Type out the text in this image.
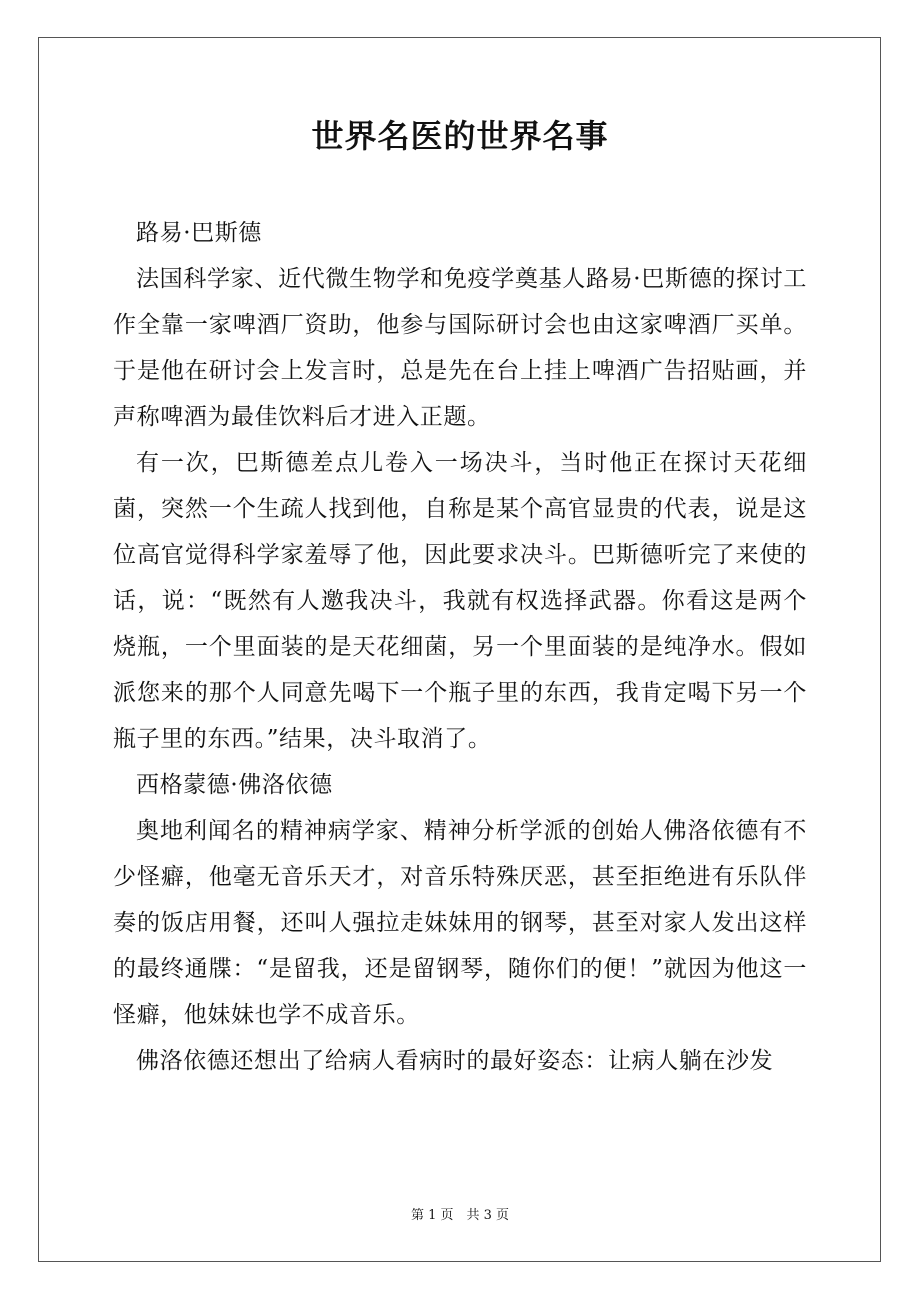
世界名医的世界名事

路易·巴斯德

法国科学家、近代微生物学和免疫学奠基人路易·巴斯德的探讨工作全靠一家啤酒厂资助，他参与国际研讨会也由这家啤酒厂买单。于是他在研讨会上发言时，总是先在台上挂上啤酒广告招贴画，并声称啤酒为最佳饮料后才进入正题。

有一次，巴斯德差点儿卷入一场决斗，当时他正在探讨天花细菌，突然一个生疏人找到他，自称是某个高官显贵的代表，说是这位高官觉得科学家羞辱了他，因此要求决斗。巴斯德听完了来使的话，说：“既然有人邀我决斗，我就有权选择武器。你看这是两个烧瓶，一个里面装的是天花细菌，另一个里面装的是纯净水。假如派您来的那个人同意先喝下一个瓶子里的东西，我肯定喝下另一个瓶子里的东西。”结果，决斗取消了。

西格蒙德·佛洛依德

奥地利闻名的精神病学家、精神分析学派的创始人佛洛依德有不少怪癖，他毫无音乐天才，对音乐特殊厌恶，甚至拒绝进有乐队伴奏的饭店用餐，还叫人强拉走妹妹用的钢琴，甚至对家人发出这样的最终通牒：“是留我，还是留钢琴，随你们的便！”就因为他这一怪癖，他妹妹也学不成音乐。

佛洛依德还想出了给病人看病时的最好姿态：让病人躺在沙发

第 1 页　共 3 页
